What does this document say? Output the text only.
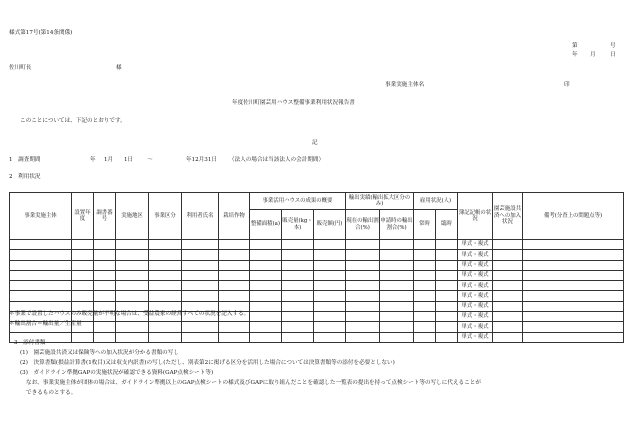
様式第17号(第14条関係)
第	号
年 月	日
佐川町長	様
事業実施主体名	印
年度佐川町園芸用ハウス整備事業利用状況報告書
このことについては、下記のとおりです。
記
1　調査期間	年 1月 1日 〜	年12月31日 （法人の場合は当該法人の会計期間）
2　利用状況
事業実施主体	設置年度	調書番号	実施地区	事業区分	利用者氏名	栽培作物	事業活用ハウスの成果の概要			輸出実績(輸出拡大区分のみ)		雇用状況(人)		簿記記帳の状況	園芸施設共済への加入状況	備考(分査上の問題点等)
							整備面積(a)	販売量(kg・本)	販売額(円)	現在の輸出割合(%)	申請時の輸出割合(%)	常時	臨時			
														単式・複式		
														単式・複式		
														単式・複式		
														単式・複式		
														単式・複式		
														単式・複式		
														単式・複式		
														単式・複式		
														単式・複式		
														単式・複式		
＊事業で設置したハウスのみ販売量が不明な場合は、受益農家の経営すべての状況を記入する。
＊輸出割合＝輸出量／生産量
3　添付書類
(1)　園芸施設共済又は保険等への加入状況が分かる書類の写し
(2)　決算書類(損益計算書(1枚目)又は収支内訳書)の写し(ただし、別表第2に掲げる区分を活用した場合については決算書類等の添付を必要としない)
(3)　ガイドライン準拠GAPの実施状況が確認できる資料(GAP点検シート等)
なお、事業実施主体が団体の場合は、ガイドライン準拠以上のGAP点検シートの様式及びGAPに取り組んだことを確認した一覧表の提出を持って点検シート等の写しに代えることが
できるものとする。
